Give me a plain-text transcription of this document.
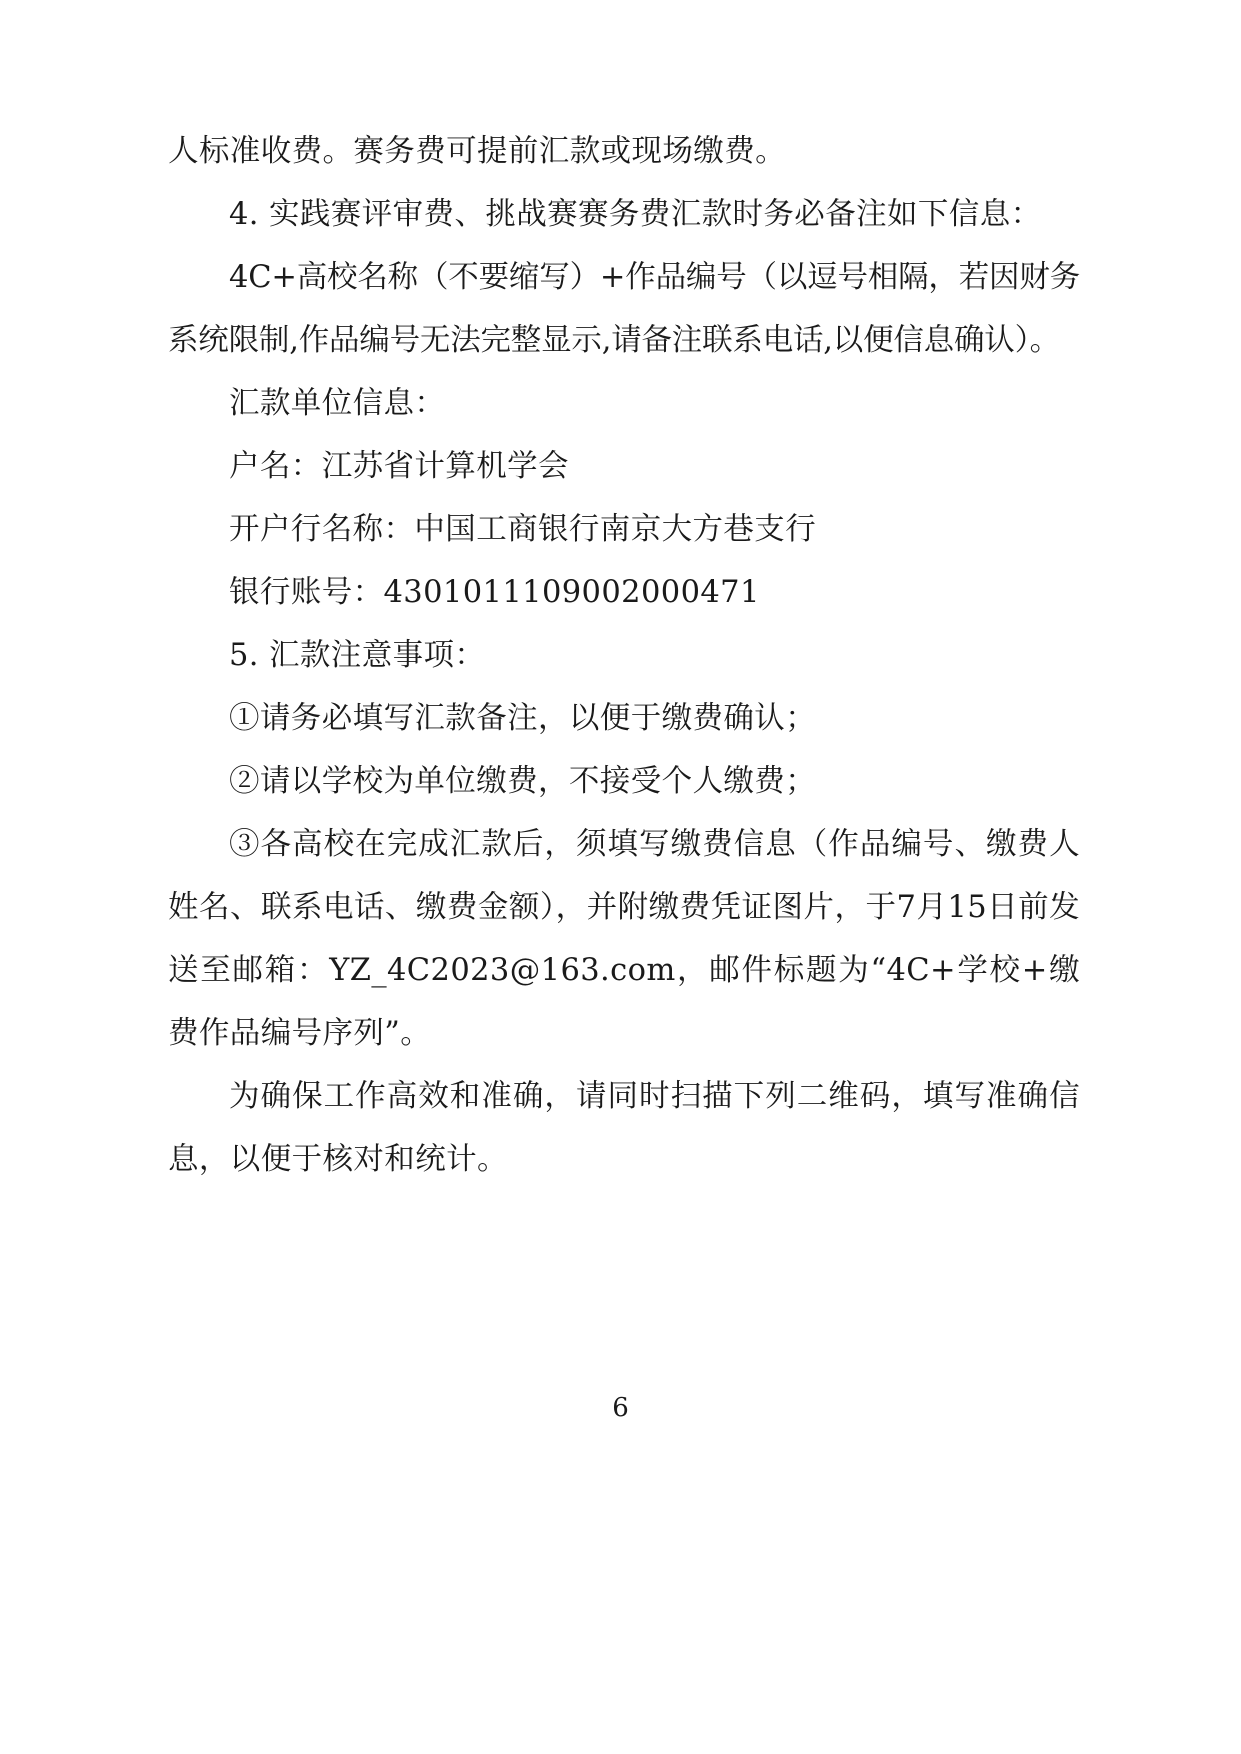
人标准收费。赛务费可提前汇款或现场缴费。

4. 实践赛评审费、挑战赛赛务费汇款时务必备注如下信息：

4C+高校名称（不要缩写）+作品编号（以逗号相隔，若因财务系统限制,作品编号无法完整显示,请备注联系电话,以便信息确认）。

汇款单位信息：

户名：江苏省计算机学会

开户行名称：中国工商银行南京大方巷支行

银行账号：4301011109002000471

5. 汇款注意事项：

①请务必填写汇款备注，以便于缴费确认；

②请以学校为单位缴费，不接受个人缴费；

③各高校在完成汇款后，须填写缴费信息（作品编号、缴费人姓名、联系电话、缴费金额），并附缴费凭证图片，于7月15日前发送至邮箱：YZ_4C2023@163.com，邮件标题为“4C+学校+缴费作品编号序列”。

为确保工作高效和准确，请同时扫描下列二维码，填写准确信息，以便于核对和统计。

6
